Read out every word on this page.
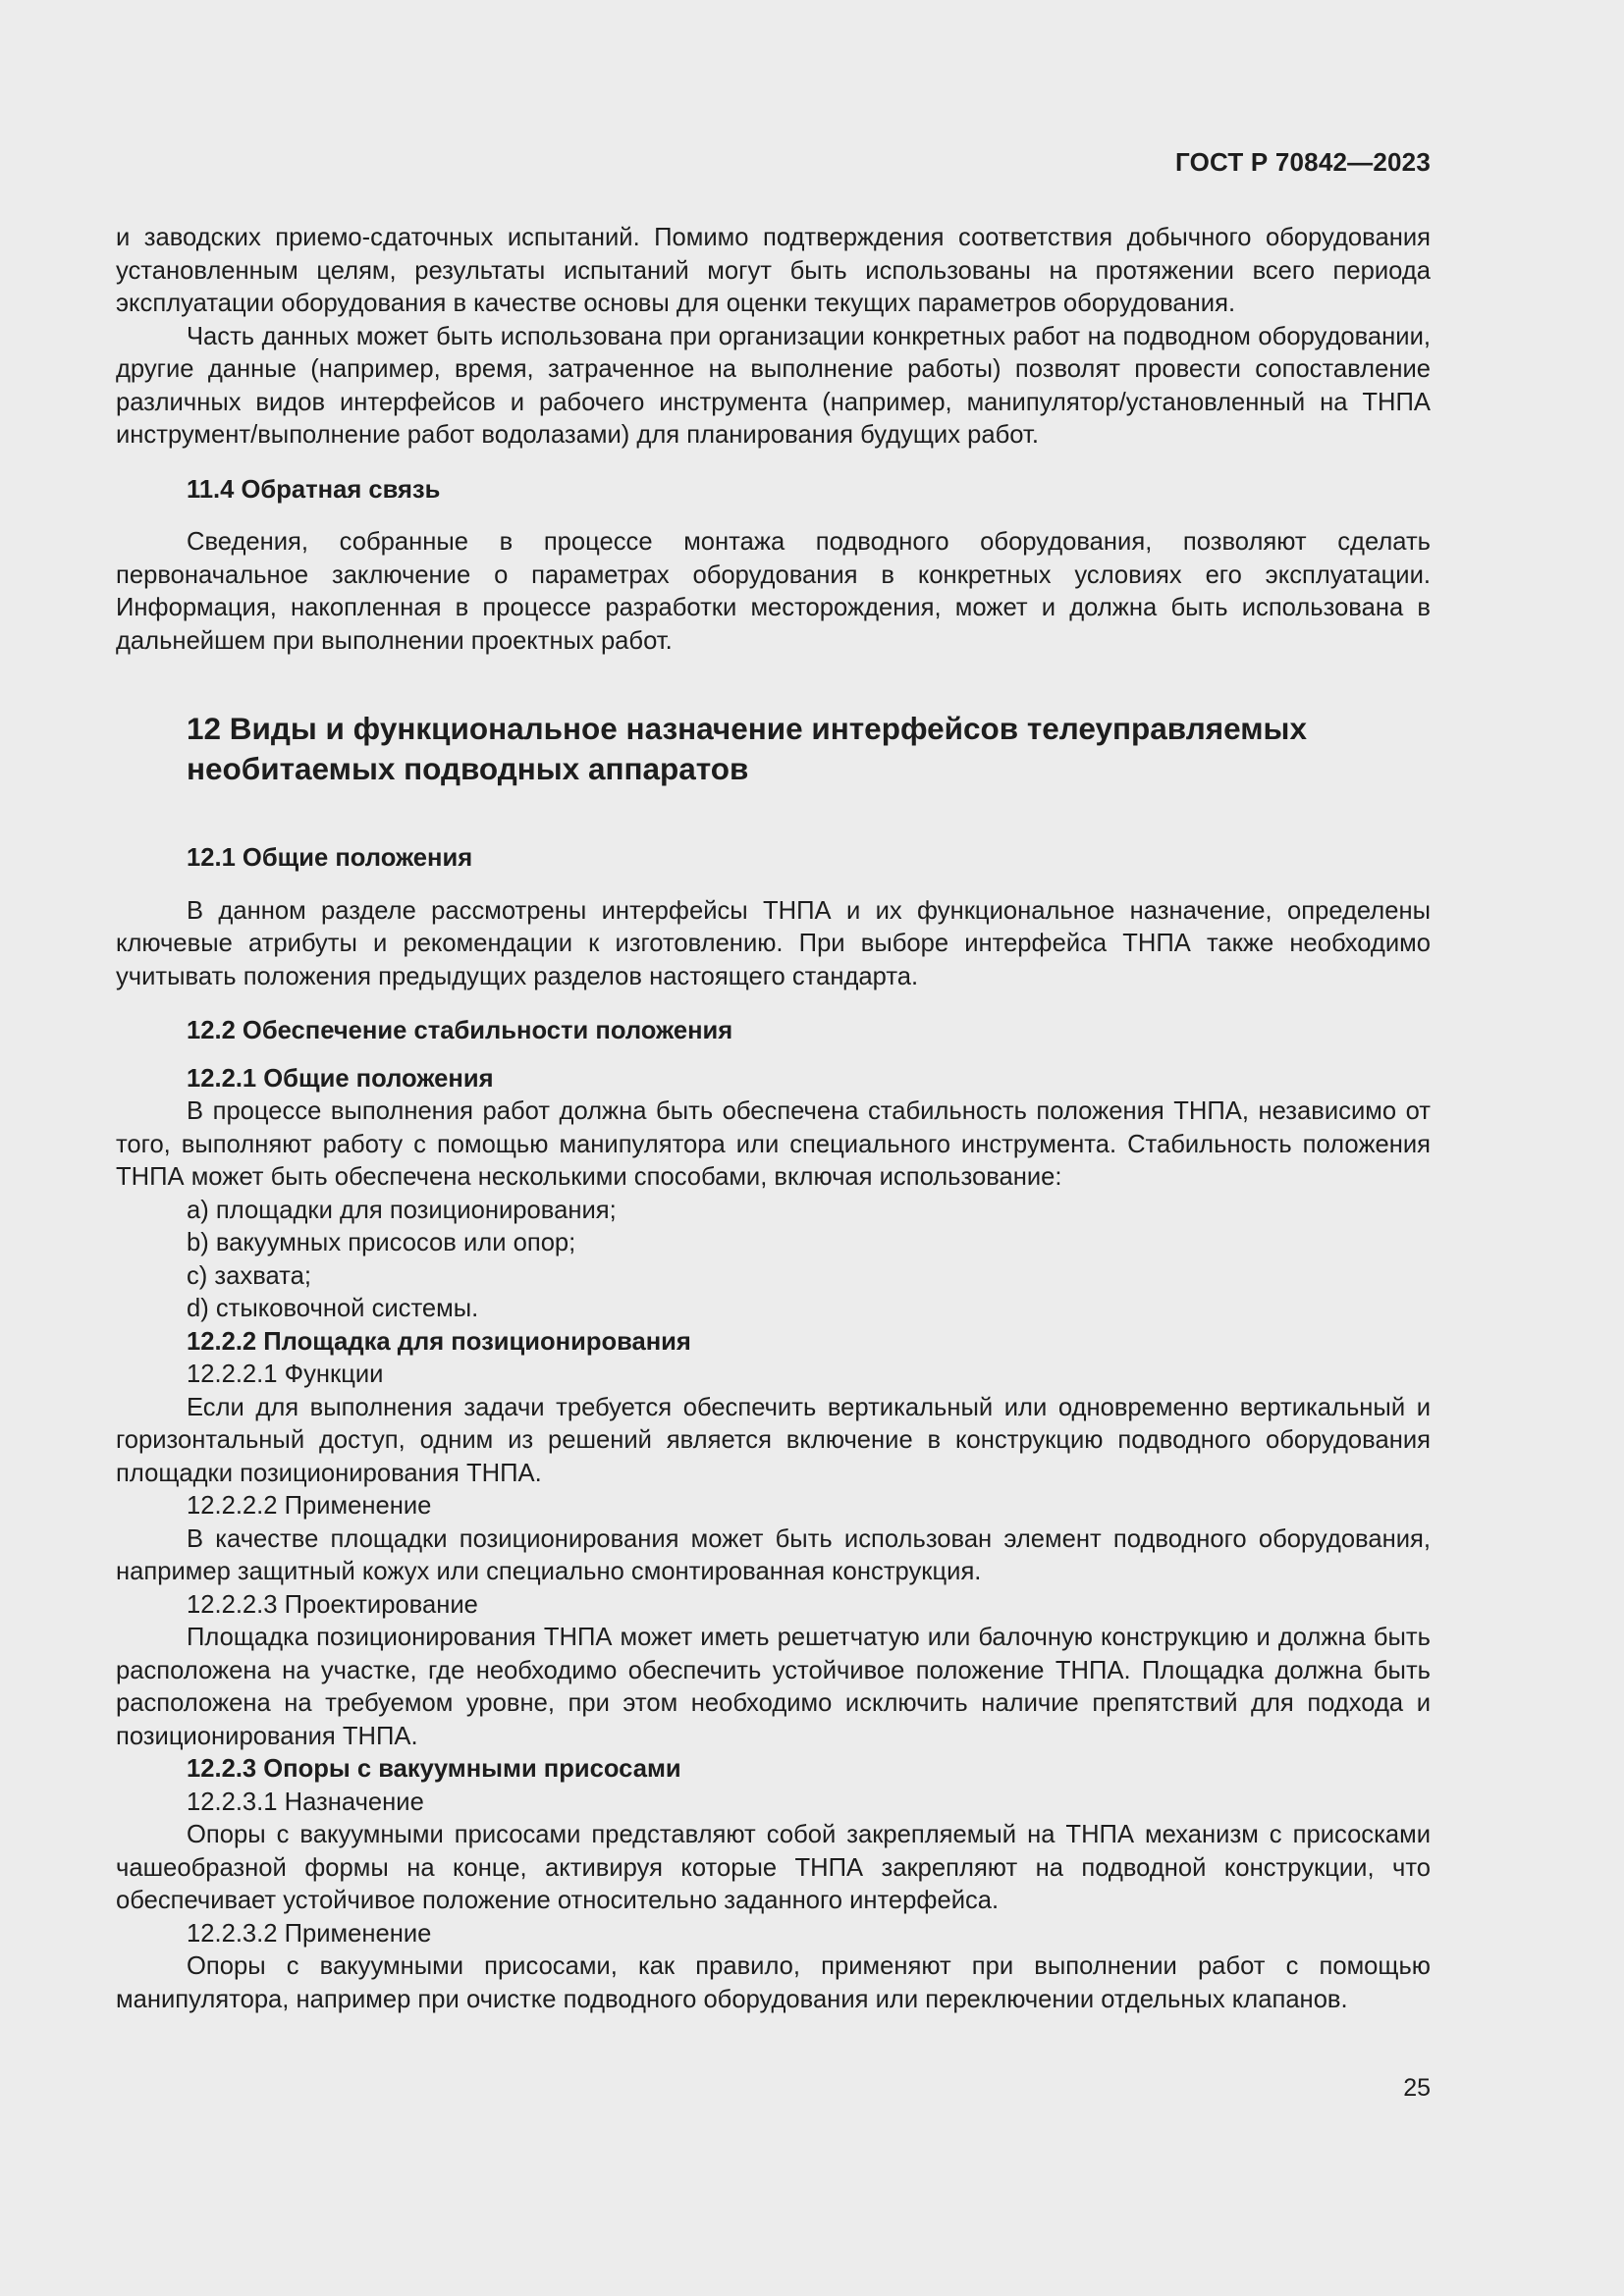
ГОСТ Р 70842—2023

и заводских приемо-сдаточных испытаний. Помимо подтверждения соответствия добычного оборудования установленным целям, результаты испытаний могут быть использованы на протяжении всего периода эксплуатации оборудования в качестве основы для оценки текущих параметров оборудования.

Часть данных может быть использована при организации конкретных работ на подводном оборудовании, другие данные (например, время, затраченное на выполнение работы) позволят провести сопоставление различных видов интерфейсов и рабочего инструмента (например, манипулятор/установленный на ТНПА инструмент/выполнение работ водолазами) для планирования будущих работ.

11.4 Обратная связь

Сведения, собранные в процессе монтажа подводного оборудования, позволяют сделать первоначальное заключение о параметрах оборудования в конкретных условиях его эксплуатации. Информация, накопленная в процессе разработки месторождения, может и должна быть использована в дальнейшем при выполнении проектных работ.

12 Виды и функциональное назначение интерфейсов телеуправляемых
необитаемых подводных аппаратов
12.1 Общие положения

В данном разделе рассмотрены интерфейсы ТНПА и их функциональное назначение, определены ключевые атрибуты и рекомендации к изготовлению. При выборе интерфейса ТНПА также необходимо учитывать положения предыдущих разделов настоящего стандарта.

12.2 Обеспечение стабильности положения
12.2.1 Общие положения

В процессе выполнения работ должна быть обеспечена стабильность положения ТНПА, независимо от того, выполняют работу с помощью манипулятора или специального инструмента. Стабильность положения ТНПА может быть обеспечена несколькими способами, включая использование:

a) площадки для позиционирования;
b) вакуумных присосов или опор;
c) захвата;
d) стыковочной системы.
12.2.2 Площадка для позиционирования
12.2.2.1 Функции

Если для выполнения задачи требуется обеспечить вертикальный или одновременно вертикальный и горизонтальный доступ, одним из решений является включение в конструкцию подводного оборудования площадки позиционирования ТНПА.

12.2.2.2 Применение

В качестве площадки позиционирования может быть использован элемент подводного оборудования, например защитный кожух или специально смонтированная конструкция.

12.2.2.3 Проектирование

Площадка позиционирования ТНПА может иметь решетчатую или балочную конструкцию и должна быть расположена на участке, где необходимо обеспечить устойчивое положение ТНПА. Площадка должна быть расположена на требуемом уровне, при этом необходимо исключить наличие препятствий для подхода и позиционирования ТНПА.

12.2.3 Опоры с вакуумными присосами
12.2.3.1 Назначение

Опоры с вакуумными присосами представляют собой закрепляемый на ТНПА механизм с присосками чашеобразной формы на конце, активируя которые ТНПА закрепляют на подводной конструкции, что обеспечивает устойчивое положение относительно заданного интерфейса.

12.2.3.2 Применение

Опоры с вакуумными присосами, как правило, применяют при выполнении работ с помощью манипулятора, например при очистке подводного оборудования или переключении отдельных клапанов.

25
